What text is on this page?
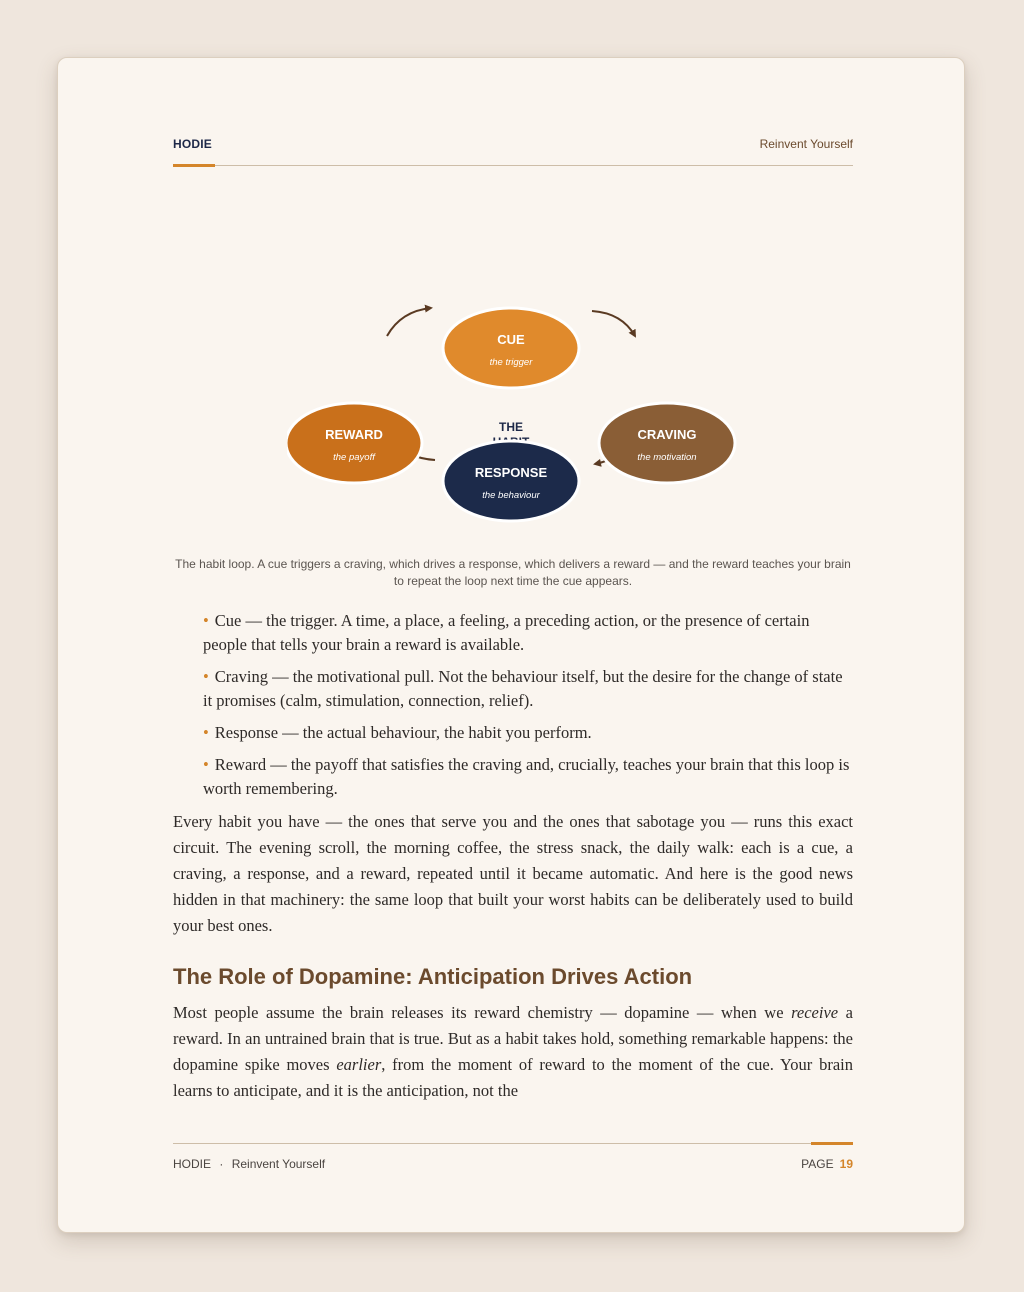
HODIE	Reinvent Yourself
CUE
the trigger
CRAVING
the motivation
REWARD
the payoff
THE
RESPONSE
the behaviour
The habit loop. A cue triggers a craving, which drives a response, which delivers a reward — and the reward teaches your brain to repeat the loop next time the cue appears.
• Cue — the trigger. A time, a place, a feeling, a preceding action, or the presence of certain people that tells your brain a reward is available.
• Craving — the motivational pull. Not the behaviour itself, but the desire for the change of state it promises (calm, stimulation, connection, relief).
• Response — the actual behaviour, the habit you perform.
• Reward — the payoff that satisfies the craving and, crucially, teaches your brain that this loop is worth remembering.

Every habit you have — the ones that serve you and the ones that sabotage you — runs this exact circuit. The evening scroll, the morning coffee, the stress snack, the daily walk: each is a cue, a craving, a response, and a reward, repeated until it became automatic. And here is the good news hidden in that machinery: the same loop that built your worst habits can be deliberately used to build your best ones.

The Role of Dopamine: Anticipation Drives Action

Most people assume the brain releases its reward chemistry — dopamine — when we receive a reward. In an untrained brain that is true. But as a habit takes hold, something remarkable happens: the dopamine spike moves earlier, from the moment of reward to the moment of the cue. Your brain learns to anticipate, and it is the anticipation, not the

HODIE · Reinvent Yourself	PAGE 19
